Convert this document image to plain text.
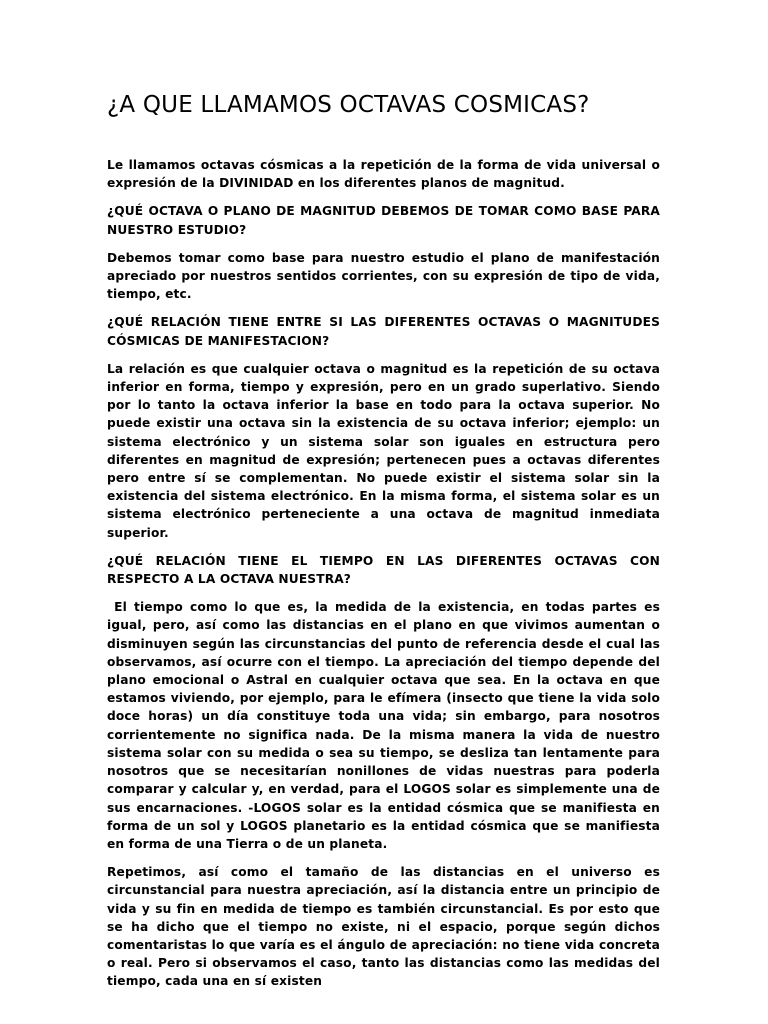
¿A QUE LLAMAMOS OCTAVAS COSMICAS?

Le llamamos octavas cósmicas a la repetición de la forma de vida universal o expresión de la DIVINIDAD en los diferentes planos de magnitud.

¿QUÉ OCTAVA O PLANO DE MAGNITUD DEBEMOS DE TOMAR COMO BASE PARA NUESTRO ESTUDIO?

Debemos tomar como base para nuestro estudio el plano de manifestación apreciado por nuestros sentidos corrientes, con su expresión de tipo de vida, tiempo, etc.

¿QUÉ RELACIÓN TIENE ENTRE SI LAS DIFERENTES OCTAVAS O MAGNITUDES CÓSMICAS DE MANIFESTACION?

La relación es que cualquier octava o magnitud es la repetición de su octava inferior en forma, tiempo y expresión, pero en un grado superlativo. Siendo por lo tanto la octava inferior la base en todo para la octava superior. No puede existir una octava sin la existencia de su octava inferior; ejemplo: un sistema electrónico y un sistema solar son iguales en estructura pero diferentes en magnitud de expresión; pertenecen pues a octavas diferentes pero entre sí se complementan. No puede existir el sistema solar sin la existencia del sistema electrónico. En la misma forma, el sistema solar es un sistema electrónico perteneciente a una octava de magnitud inmediata superior.

¿QUÉ RELACIÓN TIENE EL TIEMPO EN LAS DIFERENTES OCTAVAS CON RESPECTO A LA OCTAVA NUESTRA?

El tiempo como lo que es, la medida de la existencia, en todas partes es igual, pero, así como las distancias en el plano en que vivimos aumentan o disminuyen según las circunstancias del punto de referencia desde el cual las observamos, así ocurre con el tiempo. La apreciación del tiempo depende del plano emocional o Astral en cualquier octava que sea. En la octava en que estamos viviendo, por ejemplo, para le efímera (insecto que tiene la vida solo doce horas) un día constituye toda una vida; sin embargo, para nosotros corrientemente no significa nada. De la misma manera la vida de nuestro sistema solar con su medida o sea su tiempo, se desliza tan lentamente para nosotros que se necesitarían nonillones de vidas nuestras para poderla comparar y calcular y, en verdad, para el LOGOS solar es simplemente una de sus encarnaciones. -LOGOS solar es la entidad cósmica que se manifiesta en forma de un sol y LOGOS planetario es la entidad cósmica que se manifiesta en forma de una Tierra o de un planeta.

Repetimos, así como el tamaño de las distancias en el universo es circunstancial para nuestra apreciación, así la distancia entre un principio de vida y su fin en medida de tiempo es también circunstancial. Es por esto que se ha dicho que el tiempo no existe, ni el espacio, porque según dichos comentaristas lo que varía es el ángulo de apreciación: no tiene vida concreta o real. Pero si observamos el caso, tanto las distancias como las medidas del tiempo, cada una en sí existen
